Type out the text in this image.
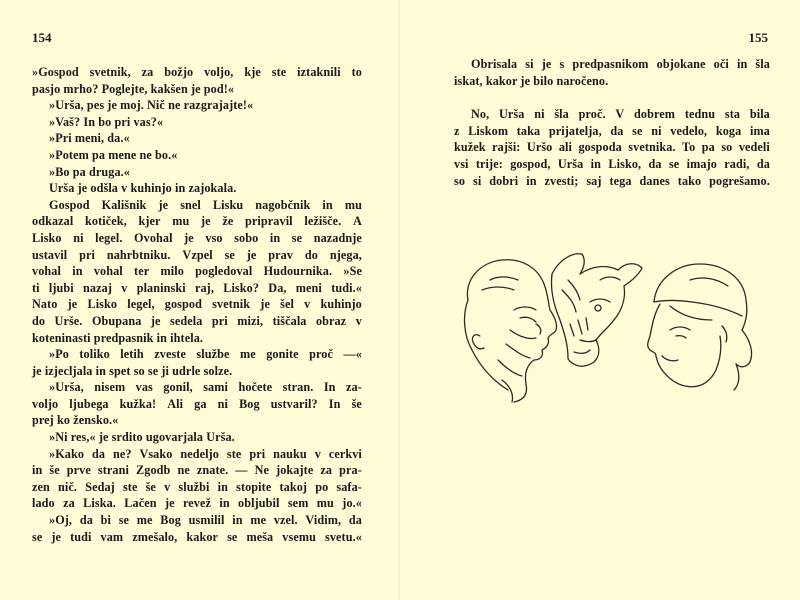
154
»Gospod svetnik, za božjo voljo, kje ste iztaknili to
pasjo mrho? Poglejte, kakšen je pod!«
»Urša, pes je moj. Nič ne razgrajajte!«
»Vaš? In bo pri vas?«
»Pri meni, da.«
»Potem pa mene ne bo.«
»Bo pa druga.«
Urša je odšla v kuhinjo in zajokala.
Gospod Kališnik je snel Lisku nagobčnik in mu
odkazal kotiček, kjer mu je že pripravil ležišče. A
Lisko ni legel. Ovohal je vso sobo in se nazadnje
ustavil pri nahrbtniku. Vzpel se je prav do njega,
vohal in vohal ter milo pogledoval Hudournika. »Se
ti ljubi nazaj v planinski raj, Lisko? Da, meni tudi.«
Nato je Lisko legel, gospod svetnik je šel v kuhinjo
do Urše. Obupana je sedela pri mizi, tiščala obraz v
koteninasti predpasnik in ihtela.
»Po toliko letih zveste službe me gonite proč —«
je izjecljala in spet so se ji udrle solze.
»Urša, nisem vas gonil, sami hočete stran. In za-
volјo ljubega kužka! Ali ga ni Bog ustvaril? In še
prej ko žensko.«
»Ni res,« je srdito ugovarjala Urša.
»Kako da ne? Vsako nedeljo ste pri nauku v cerkvi
in še prve strani Zgodb ne znate. — Ne jokajte za pra-
zen nič. Sedaj ste še v službi in stopite takoj po safa-
lado za Liska. Lačen je revež in obljubil sem mu jo.«
»Oj, da bi se me Bog usmilil in me vzel. Vidim, da
se je tudi vam zmešalo, kakor se meša vsemu svetu.«
155
Obrisala si je s predpasnikom objokane oči in šla
iskat, kakor je bilo naročeno.
No, Urša ni šla proč. V dobrem tednu sta bila
z Liskom taka prijatelja, da se ni vedelo, koga ima
kužek rajši: Uršo ali gospoda svetnika. To pa so vedeli
vsi trije: gospod, Urša in Lisko, da se imajo radi, da
so si dobri in zvesti; saj tega danes tako pogrešamo.
